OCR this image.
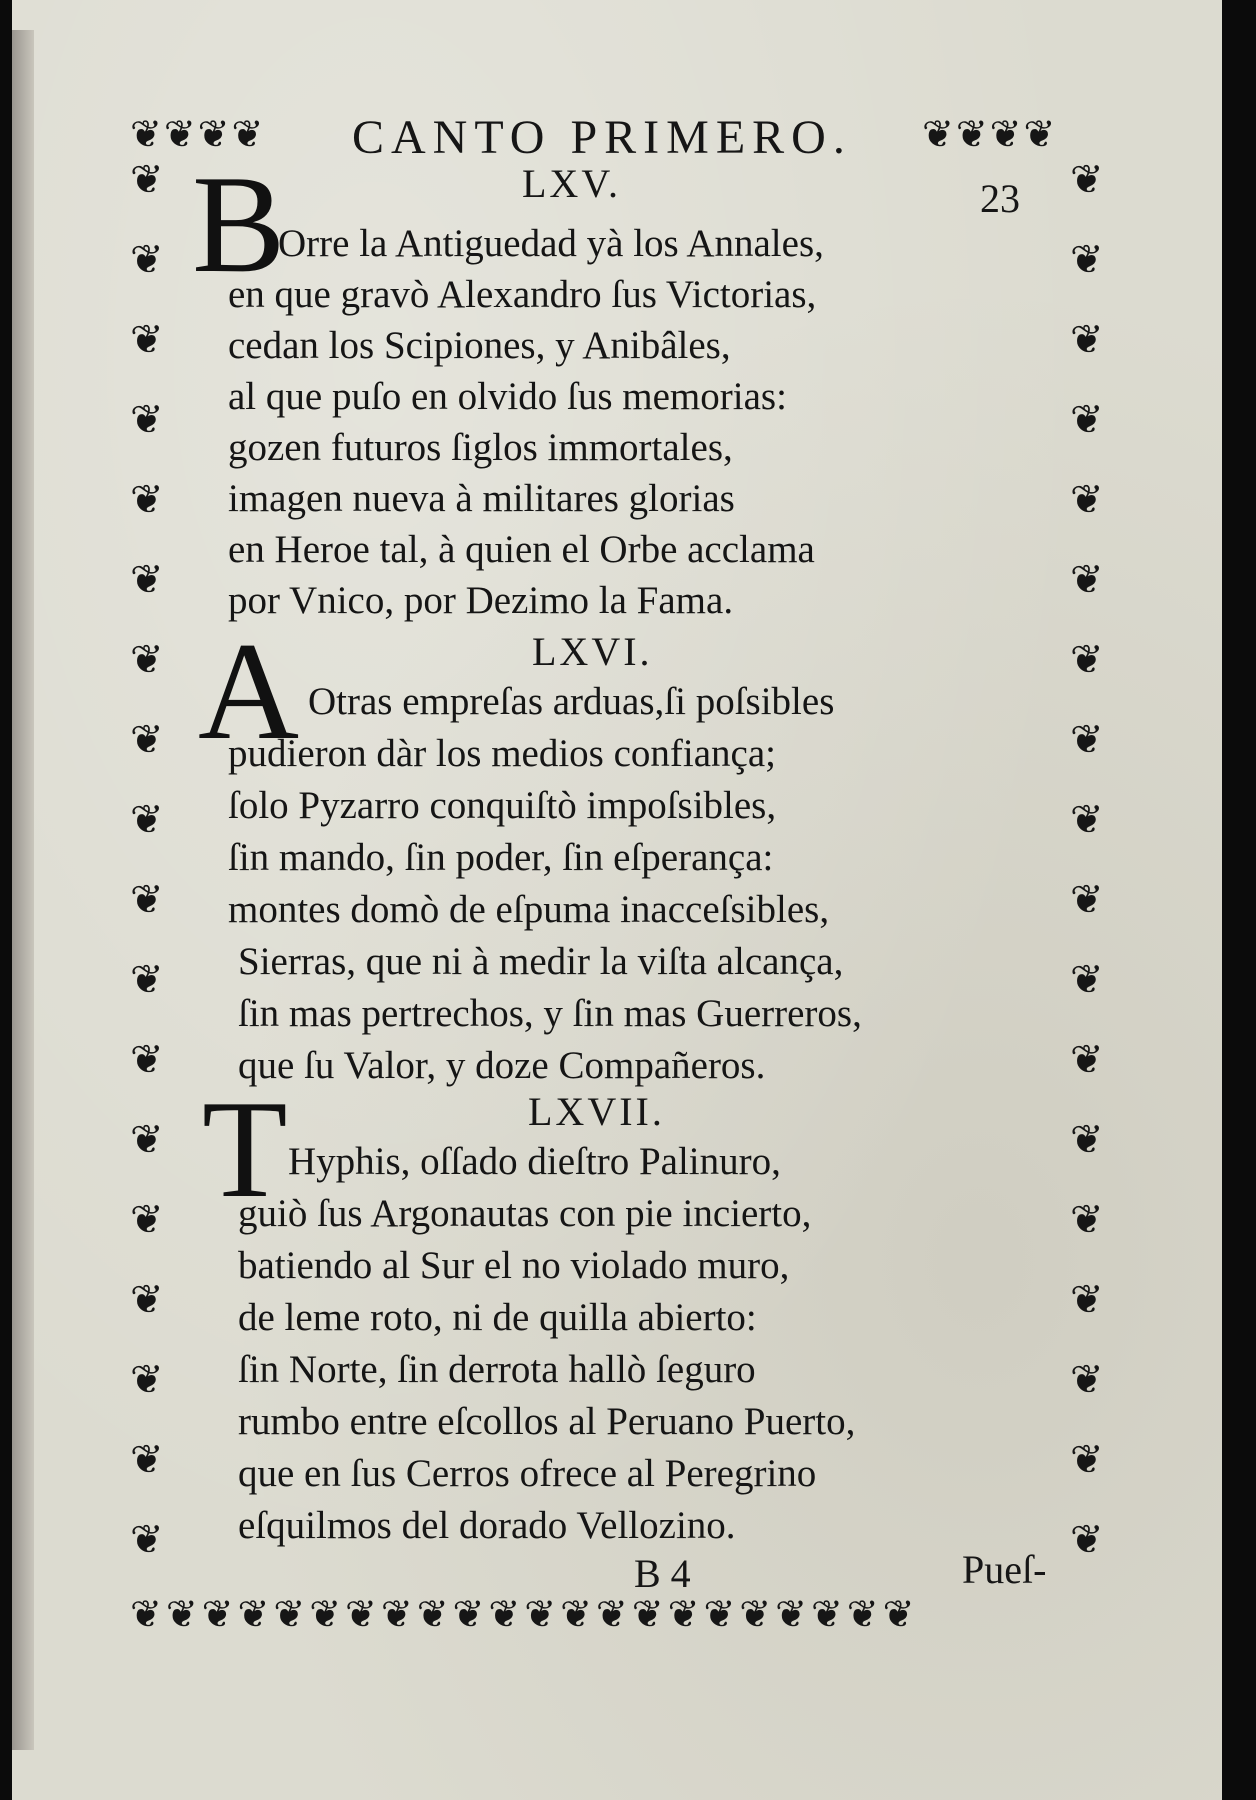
❦❦❦❦	❦❦❦❦
CANTO PRIMERO.
23
❦
❦
❦
❦
❦
❦
❦
❦
❦
❦
❦
❦
❦
❦
❦
❦
❦
❦
❦
❦
❦
❦
❦
❦
❦
❦
❦
❦
❦
❦
❦
❦
❦
❦
❦
❦
❦❦❦❦❦❦❦❦❦❦❦❦❦❦❦❦❦❦❦❦❦❦
LXV.
B
Orre la Antiguedad yà los Annales,
en que gravò Alexandro ſus Victorias,
cedan los Scipiones, y Anibâles,
al que puſo en olvido ſus memorias:
gozen futuros ſiglos immortales,
imagen nueva à militares glorias
en Heroe tal, à quien el Orbe acclama
por Vnico, por Dezimo la Fama.
LXVI.
A Otras empreſas arduas,ſi poſsibles
pudieron dàr los medios confiança;
ſolo Pyzarro conquiſtò impoſsibles,
ſin mando, ſin poder, ſin eſperança:
montes domò de eſpuma inacceſsibles,
Sierras, que ni à medir la viſta alcança,
ſin mas pertrechos, y ſin mas Guerreros,
que ſu Valor, y doze Compañeros.
LXVII.
T Hyphis, oſſado dieſtro Palinuro,
guiò ſus Argonautas con pie incierto,
batiendo al Sur el no violado muro,
de leme roto, ni de quilla abierto:
ſin Norte, ſin derrota hallò ſeguro
rumbo entre eſcollos al Peruano Puerto,
que en ſus Cerros ofrece al Peregrino
eſquilmos del dorado Vellozino.
B 4	Pueſ-
